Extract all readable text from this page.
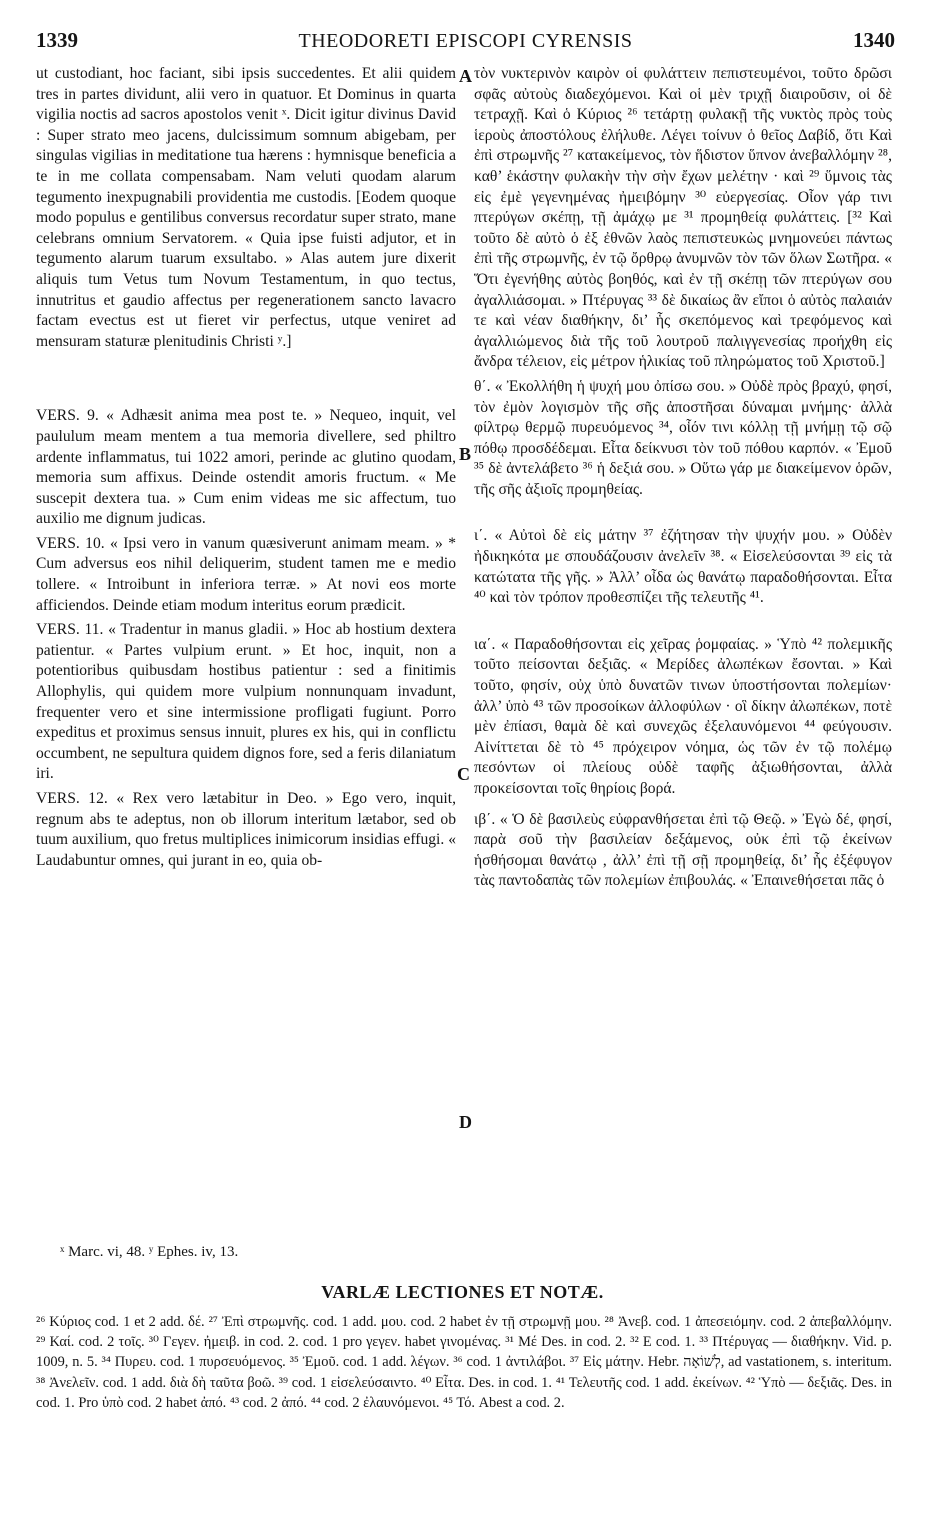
1339	THEODORETI EPISCOPI CYRENSIS	1340

ut custodiant, hoc faciant, sibi ipsis succedentes. Et alii quidem tres in partes dividunt, alii vero in quatuor. Et Dominus in quarta vigilia noctis ad sacros apostolos venit ˣ. Dicit igitur divinus David : Super strato meo jacens, dulcissimum somnum abigebam, per singulas vigilias in meditatione tua hærens : hymnisque beneficia a te in me collata compensabam. Nam veluti quodam alarum tegumento inexpugnabili providentia me custodis. [Eodem quoque modo populus e gentilibus conversus recordatur super strato, mane celebrans omnium Servatorem. « Quia ipse fuisti adjutor, et in tegumento alarum tuarum exsultabo. » Alas autem jure dixerit aliquis tum Vetus tum Novum Testamentum, in quo tectus, innutritus et gaudio affectus per regenerationem sancto lavacro factam evectus est ut fieret vir perfectus, utque veniret ad mensuram staturæ plenitudinis Christi ʸ.]

VERS. 9. « Adhæsit anima mea post te. » Nequeo, inquit, vel paululum meam mentem a tua memoria divellere, sed philtro ardente inflammatus, tui 1022 amori, perinde ac glutino quodam, memoria sum affixus. Deinde ostendit amoris fructum. « Me suscepit dextera tua. » Cum enim videas me sic affectum, tuo auxilio me dignum judicas.

VERS. 10. « Ipsi vero in vanum quæsiverunt animam meam. » * Cum adversus eos nihil deliquerim, student tamen me e medio tollere. « Introibunt in inferiora terræ. » At novi eos morte afficiendos. Deinde etiam modum interitus eorum prædicit.

VERS. 11. « Tradentur in manus gladii. » Hoc ab hostium dextera patientur. « Partes vulpium erunt. » Et hoc, inquit, non a potentioribus quibusdam hostibus patientur : sed a finitimis Allophylis, qui quidem more vulpium nonnunquam invadunt, frequenter vero et sine intermissione profligati fugiunt. Porro expeditus et proximus sensus innuit, plures ex his, qui in conflictu occumbent, ne sepultura quidem dignos fore, sed a feris dilaniatum iri.

VERS. 12. « Rex vero lætabitur in Deo. » Ego vero, inquit, regnum abs te adeptus, non ob illorum interitum lætabor, sed ob tuum auxilium, quo fretus multiplices inimicorum insidias effugi. « Laudabuntur omnes, qui jurant in eo, quia ob-

A
B
C
D

τὸν νυκτερινὸν καιρὸν οἱ φυλάττειν πεπιστευμένοι, τοῦτο δρῶσι σφᾶς αὐτοὺς διαδεχόμενοι. Καὶ οἱ μὲν τριχῇ διαιροῦσιν, οἱ δὲ τετραχῇ. Καὶ ὁ Κύριος ²⁶ τετάρτῃ φυλακῇ τῆς νυκτὸς πρὸς τοὺς ἱεροὺς ἀποστόλους ἐλήλυθε. Λέγει τοίνυν ὁ θεῖος Δαβίδ, ὅτι Καὶ ἐπὶ στρωμνῆς ²⁷ κατακείμενος, τὸν ἥδιστον ὕπνον ἀνεβαλλόμην ²⁸, καθ’ ἑκάστην φυλακὴν τὴν σὴν ἔχων μελέτην · καὶ ²⁹ ὕμνοις τὰς εἰς ἐμὲ γεγενημένας ἠμειβόμην ³⁰ εὐεργεσίας. Οἷον γάρ τινι πτερύγων σκέπῃ, τῇ ἀμάχῳ με ³¹ προμηθείᾳ φυλάττεις. [³² Καὶ τοῦτο δὲ αὐτὸ ὁ ἐξ ἐθνῶν λαὸς πεπιστευκὼς μνημονεύει πάντως ἐπὶ τῆς στρωμνῆς, ἐν τῷ ὄρθρῳ ἀνυμνῶν τὸν τῶν ὅλων Σωτῆρα. « Ὅτι ἐγενήθης αὐτὸς βοηθός, καὶ ἐν τῇ σκέπῃ τῶν πτερύγων σου ἀγαλλιάσομαι. » Πτέρυγας ³³ δὲ δικαίως ἂν εἴποι ὁ αὐτὸς παλαιάν τε καὶ νέαν διαθήκην, δι’ ἧς σκεπόμενος καὶ τρεφόμενος καὶ ἀγαλλιώμενος διὰ τῆς τοῦ λουτροῦ παλιγγενεσίας προήχθη εἰς ἄνδρα τέλειον, εἰς μέτρον ἡλικίας τοῦ πληρώματος τοῦ Χριστοῦ.]

θ΄. « Ἐκολλήθη ἡ ψυχή μου ὀπίσω σου. » Οὐδὲ πρὸς βραχύ, φησί, τὸν ἐμὸν λογισμὸν τῆς σῆς ἀποστῆσαι δύναμαι μνήμης· ἀλλὰ φίλτρῳ θερμῷ πυρευόμενος ³⁴, οἷόν τινι κόλλῃ τῇ μνήμῃ τῷ σῷ πόθῳ προσδέδεμαι. Εἶτα δείκνυσι τὸν τοῦ πόθου καρπόν. « Ἐμοῦ ³⁵ δὲ ἀντελάβετο ³⁶ ἡ δεξιά σου. » Οὕτω γάρ με διακείμενον ὁρῶν, τῆς σῆς ἀξιοῖς προμηθείας.

ι΄. « Αὐτοὶ δὲ εἰς μάτην ³⁷ ἐζήτησαν τὴν ψυχήν μου. » Οὐδὲν ἠδικηκότα με σπουδάζουσιν ἀνελεῖν ³⁸. « Εἰσελεύσονται ³⁹ εἰς τὰ κατώτατα τῆς γῆς. » Ἀλλ’ οἶδα ὡς θανάτῳ παραδοθήσονται. Εἶτα ⁴⁰ καὶ τὸν τρόπον προθεσπίζει τῆς τελευτῆς ⁴¹.

ια΄. « Παραδοθήσονται εἰς χεῖρας ῥομφαίας. » Ὑπὸ ⁴² πολεμικῆς τοῦτο πείσονται δεξιᾶς. « Μερίδες ἀλωπέκων ἔσονται. » Καὶ τοῦτο, φησίν, οὐχ ὑπὸ δυνατῶν τινων ὑποστήσονται πολεμίων· ἀλλ’ ὑπὸ ⁴³ τῶν προσοίκων ἀλλοφύλων · οἳ δίκην ἀλωπέκων, ποτὲ μὲν ἐπίασι, θαμὰ δὲ καὶ συνεχῶς ἐξελαυνόμενοι ⁴⁴ φεύγουσιν. Αἰνίττεται δὲ τὸ ⁴⁵ πρόχειρον νόημα, ὡς τῶν ἐν τῷ πολέμῳ πεσόντων οἱ πλείους οὐδὲ ταφῆς ἀξιωθήσονται, ἀλλὰ προκείσονται τοῖς θηρίοις βορά.

ιβ΄. « Ὁ δὲ βασιλεὺς εὐφρανθήσεται ἐπὶ τῷ Θεῷ. » Ἐγὼ δέ, φησί, παρὰ σοῦ τὴν βασιλείαν δεξάμενος, οὐκ ἐπὶ τῷ ἐκείνων ἡσθήσομαι θανάτῳ , ἀλλ’ ἐπὶ τῇ σῇ προμηθείᾳ, δι’ ἧς ἐξέφυγον τὰς παντοδαπὰς τῶν πολεμίων ἐπιβουλάς. « Ἐπαινεθήσεται πᾶς ὁ

ˣ Marc. vi, 48. ʸ Ephes. iv, 13.
VARLÆ LECTIONES ET NOTÆ.

²⁶ Κύριος cod. 1 et 2 add. δέ. ²⁷ Ἐπὶ στρωμνῆς. cod. 1 add. μου. cod. 2 habet ἐν τῇ στρωμνῇ μου. ²⁸ Ἀνεβ. cod. 1 ἀπεσειόμην. cod. 2 ἀπεβαλλόμην. ²⁹ Καί. cod. 2 τοῖς. ³⁰ Γεγεν. ἠμειβ. in cod. 2. cod. 1 pro γεγεν. habet γινομένας. ³¹ Μέ Des. in cod. 2. ³² E cod. 1. ³³ Πτέρυγας — διαθήκην. Vid. p. 1009, n. 5. ³⁴ Πυρευ. cod. 1 πυρσευόμενος. ³⁵ Ἐμοῦ. cod. 1 add. λέγων. ³⁶ cod. 1 ἀντιλάβοι. ³⁷ Εἰς μάτην. Hebr. לְשׁוֹאָה, ad vastationem, s. interitum. ³⁸ Ἀνελεῖν. cod. 1 add. διὰ δὴ ταῦτα βοῶ. ³⁹ cod. 1 εἰσελεύσαιντο. ⁴⁰ Εἶτα. Des. in cod. 1. ⁴¹ Τελευτῆς cod. 1 add. ἐκείνων. ⁴² Ὑπὸ — δεξιᾶς. Des. in cod. 1. Pro ὑπὸ cod. 2 habet ἀπό. ⁴³ cod. 2 ἀπό. ⁴⁴ cod. 2 ἐλαυνόμενοι. ⁴⁵ Τό. Abest a cod. 2.
